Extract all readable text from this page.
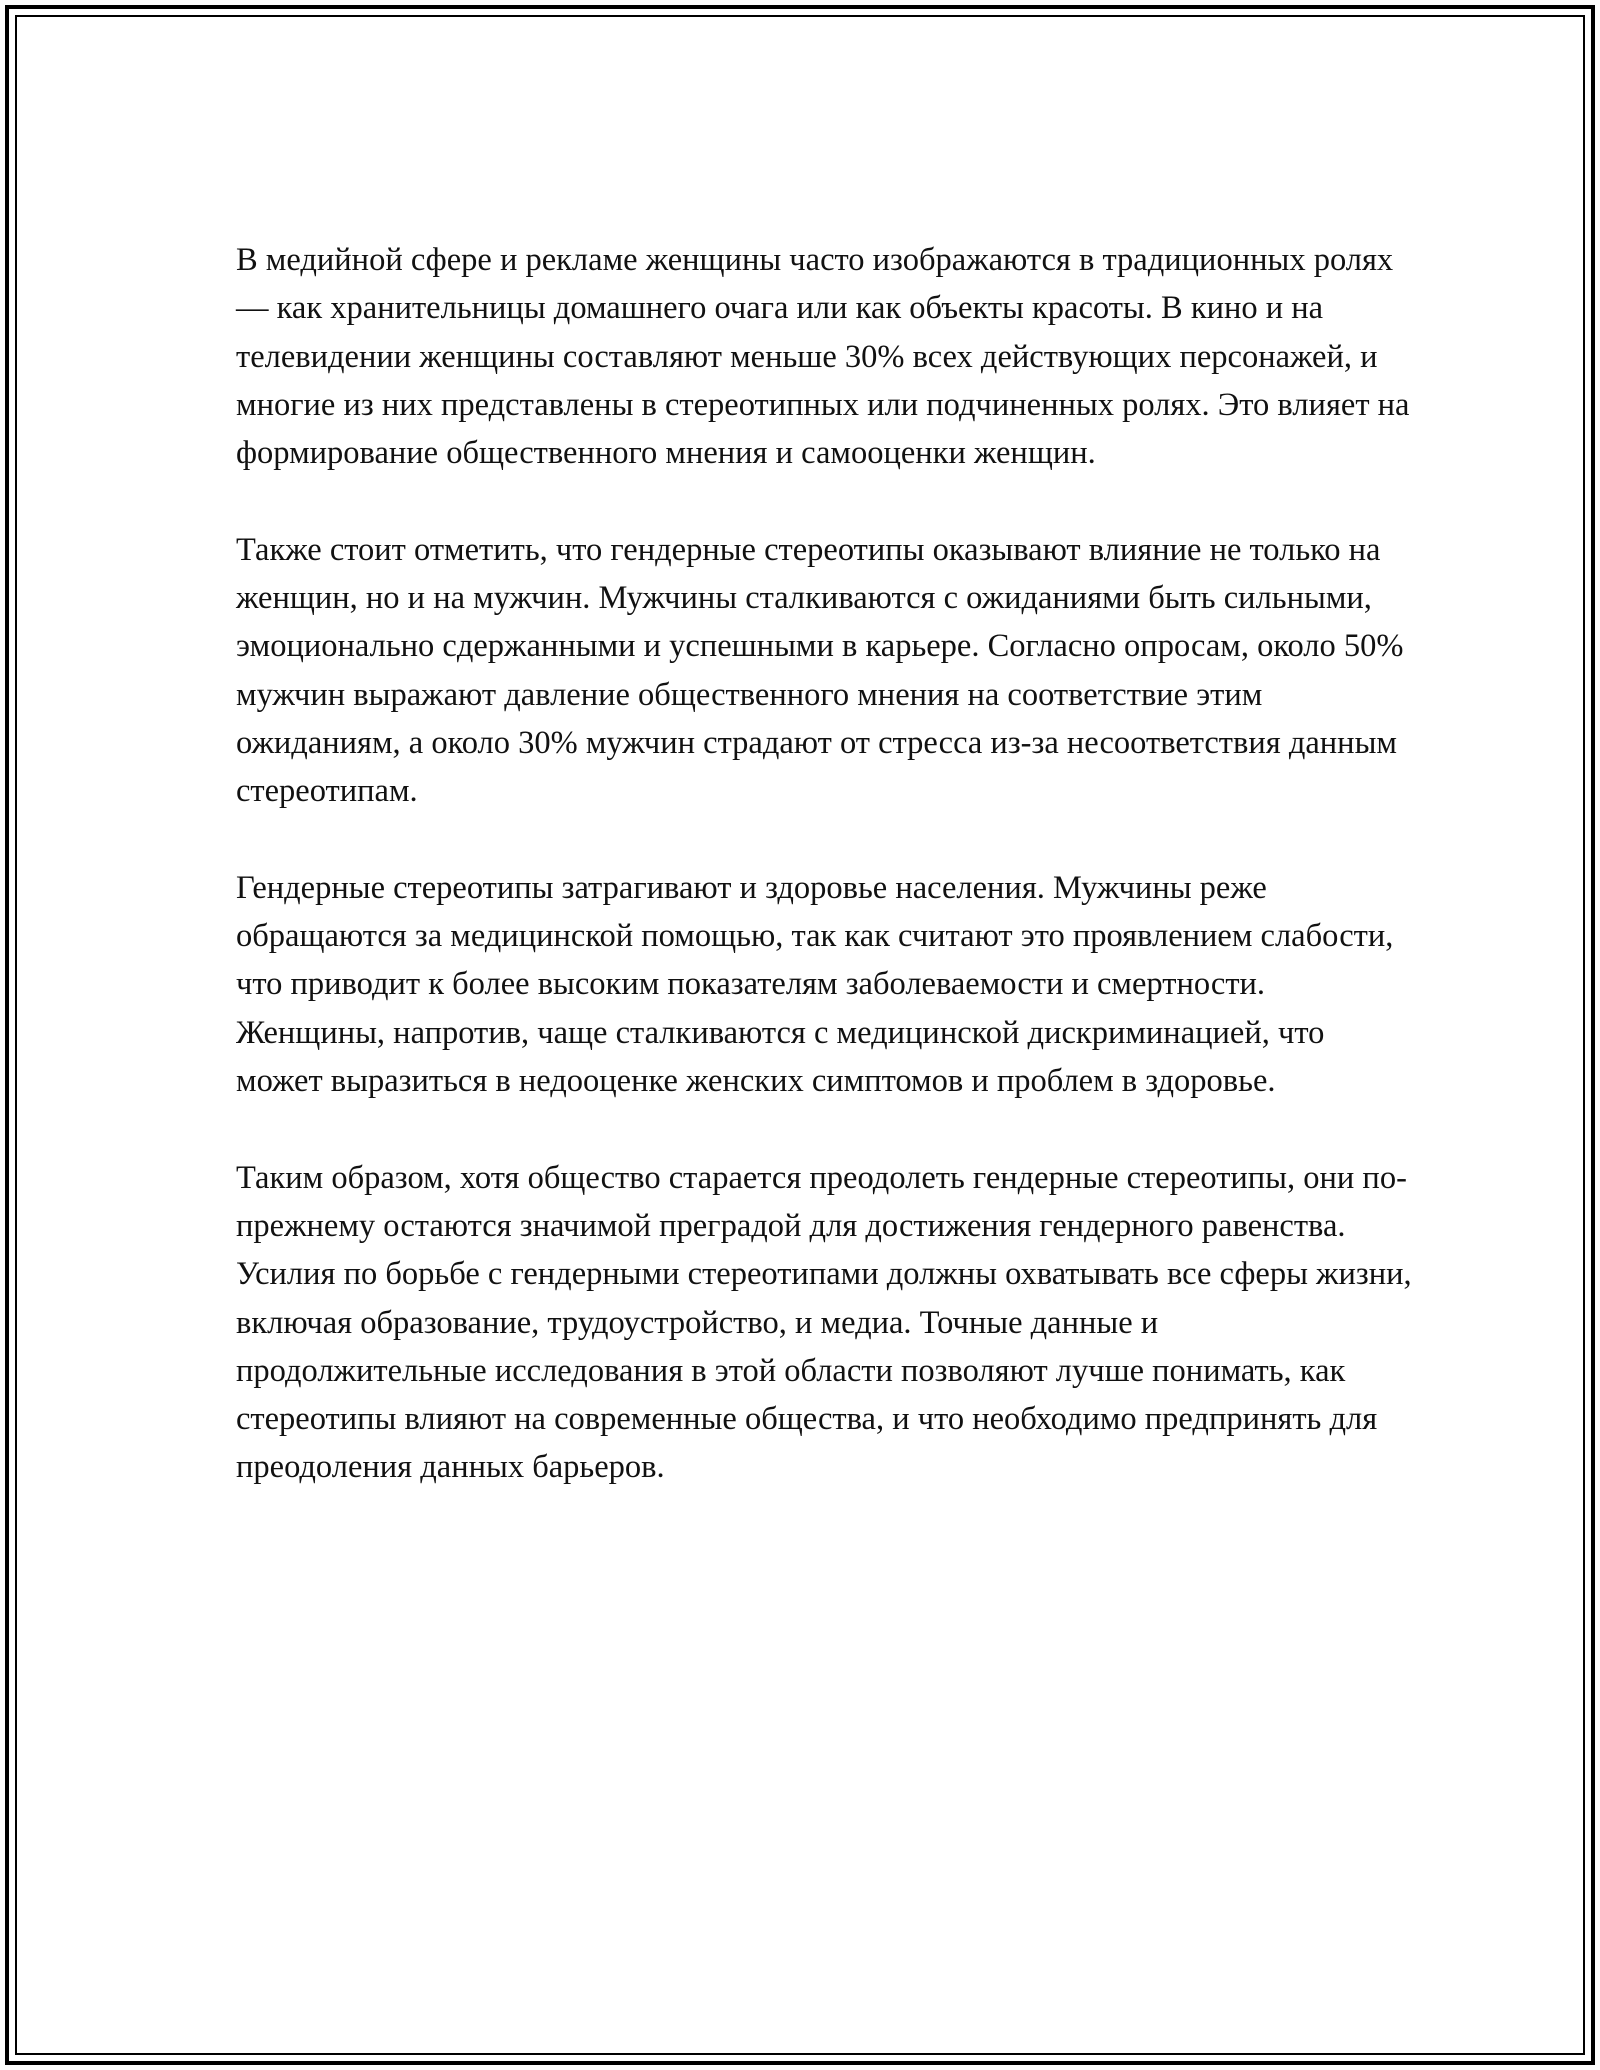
В медийной сфере и рекламе женщины часто изображаются в традиционных ролях — как хранительницы домашнего очага или как объекты красоты. В кино и на телевидении женщины составляют меньше 30% всех действующих персонажей, и многие из них представлены в стереотипных или подчиненных ролях. Это влияет на формирование общественного мнения и самооценки женщин.

Также стоит отметить, что гендерные стереотипы оказывают влияние не только на женщин, но и на мужчин. Мужчины сталкиваются с ожиданиями быть сильными, эмоционально сдержанными и успешными в карьере. Согласно опросам, около 50% мужчин выражают давление общественного мнения на соответствие этим ожиданиям, а около 30% мужчин страдают от стресса из-за несоответствия данным стереотипам.

Гендерные стереотипы затрагивают и здоровье населения. Мужчины реже обращаются за медицинской помощью, так как считают это проявлением слабости, что приводит к более высоким показателям заболеваемости и смертности. Женщины, напротив, чаще сталкиваются с медицинской дискриминацией, что может выразиться в недооценке женских симптомов и проблем в здоровье.

Таким образом, хотя общество старается преодолеть гендерные стереотипы, они по-прежнему остаются значимой преградой для достижения гендерного равенства. Усилия по борьбе с гендерными стереотипами должны охватывать все сферы жизни, включая образование, трудоустройство, и медиа. Точные данные и продолжительные исследования в этой области позволяют лучше понимать, как стереотипы влияют на современные общества, и что необходимо предпринять для преодоления данных барьеров.
